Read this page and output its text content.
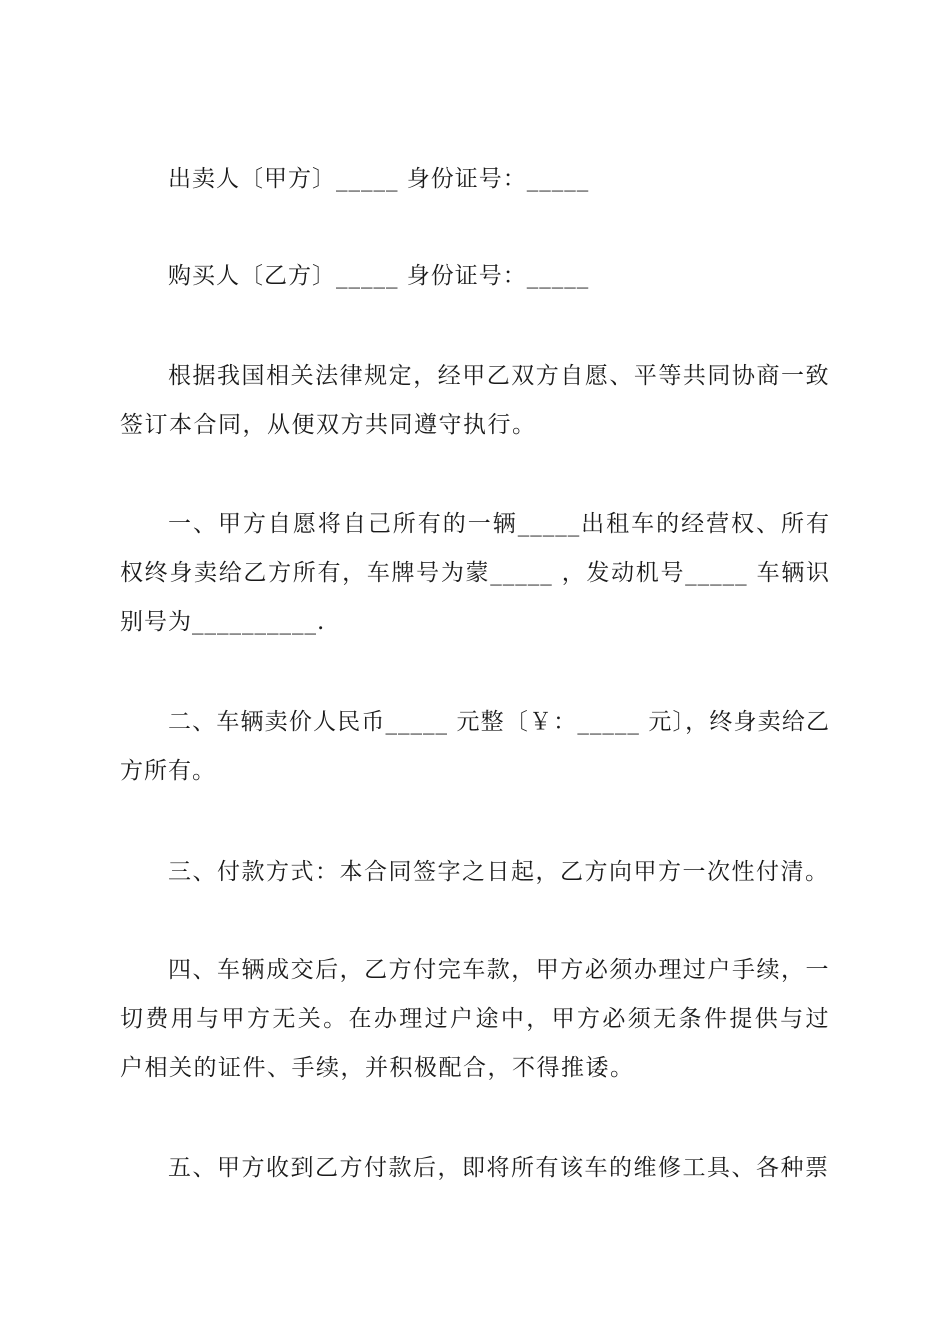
出卖人〔甲方〕_____ 身份证号：_____
购买人〔乙方〕_____ 身份证号：_____
根据我国相关法律规定，经甲乙双方自愿、平等共同协商一致签订本合同，从便双方共同遵守执行。
一、甲方自愿将自己所有的一辆_____出租车的经营权、所有权终身卖给乙方所有，车牌号为蒙_____ ，发动机号_____ 车辆识别号为__________.
二、车辆卖价人民币_____ 元整〔￥：_____ 元〕，终身卖给乙方所有。
三、付款方式：本合同签字之日起，乙方向甲方一次性付清。
四、车辆成交后，乙方付完车款，甲方必须办理过户手续，一切费用与甲方无关。在办理过户途中，甲方必须无条件提供与过户相关的证件、手续，并积极配合，不得推诿。
五、甲方收到乙方付款后，即将所有该车的维修工具、各种票
